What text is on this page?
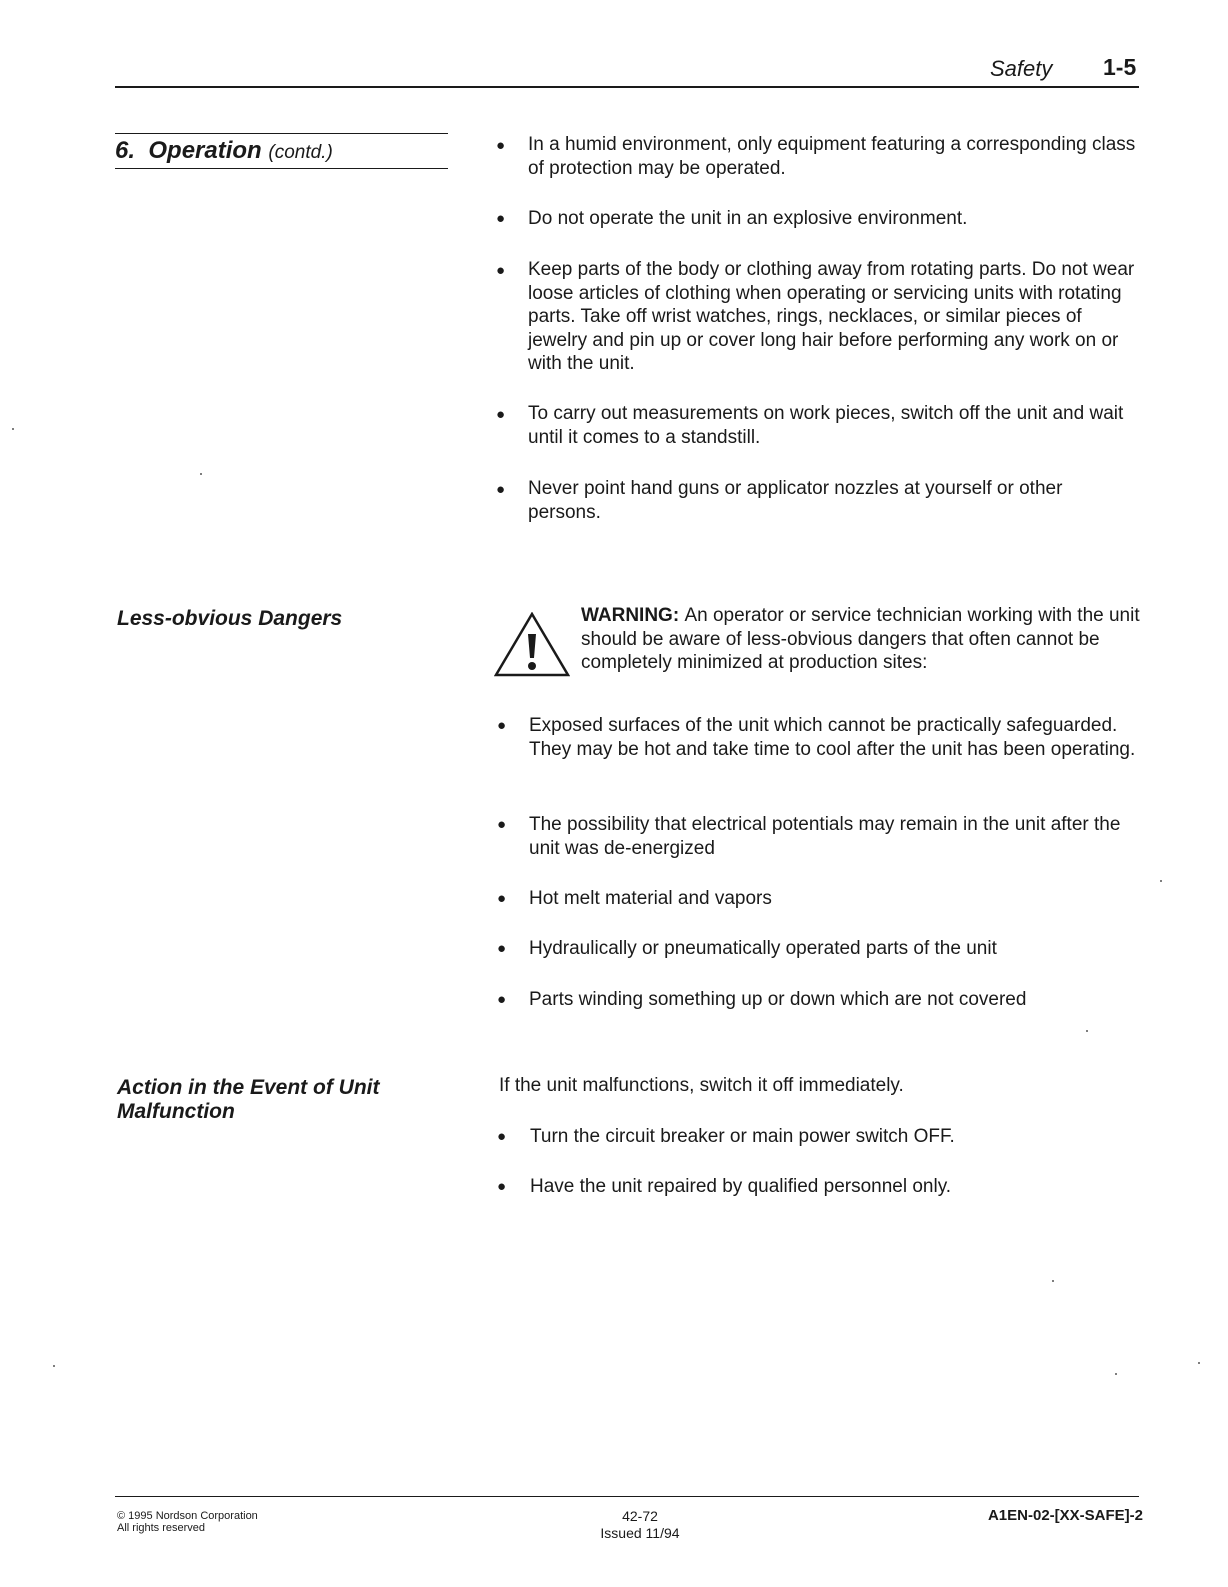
Safety 1-5
6. Operation (contd.)	● In a humid environment, only equipment featuring a corresponding class of protection may be operated.
● Do not operate the unit in an explosive environment.
● Keep parts of the body or clothing away from rotating parts. Do not wear loose articles of clothing when operating or servicing units with rotating parts. Take off wrist watches, rings, necklaces, or similar pieces of jewelry and pin up or cover long hair before performing any work on or with the unit.
● To carry out measurements on work pieces, switch off the unit and wait until it comes to a standstill.
● Never point hand guns or applicator nozzles at yourself or other persons.
Less-obvious Dangers	WARNING: An operator or service technician working with the unit should be aware of less-obvious dangers that often cannot be completely minimized at production sites:
● Exposed surfaces of the unit which cannot be practically safeguarded. They may be hot and take time to cool after the unit has been operating.
● The possibility that electrical potentials may remain in the unit after the unit was de-energized
● Hot melt material and vapors
● Hydraulically or pneumatically operated parts of the unit
● Parts winding something up or down which are not covered
Action in the Event of Unit
Malfunction
If the unit malfunctions, switch it off immediately.
● Turn the circuit breaker or main power switch OFF.
● Have the unit repaired by qualified personnel only.
© 1995 Nordson Corporation
All rights reserved
42-72
Issued 11/94
A1EN-02-[XX-SAFE]-2
